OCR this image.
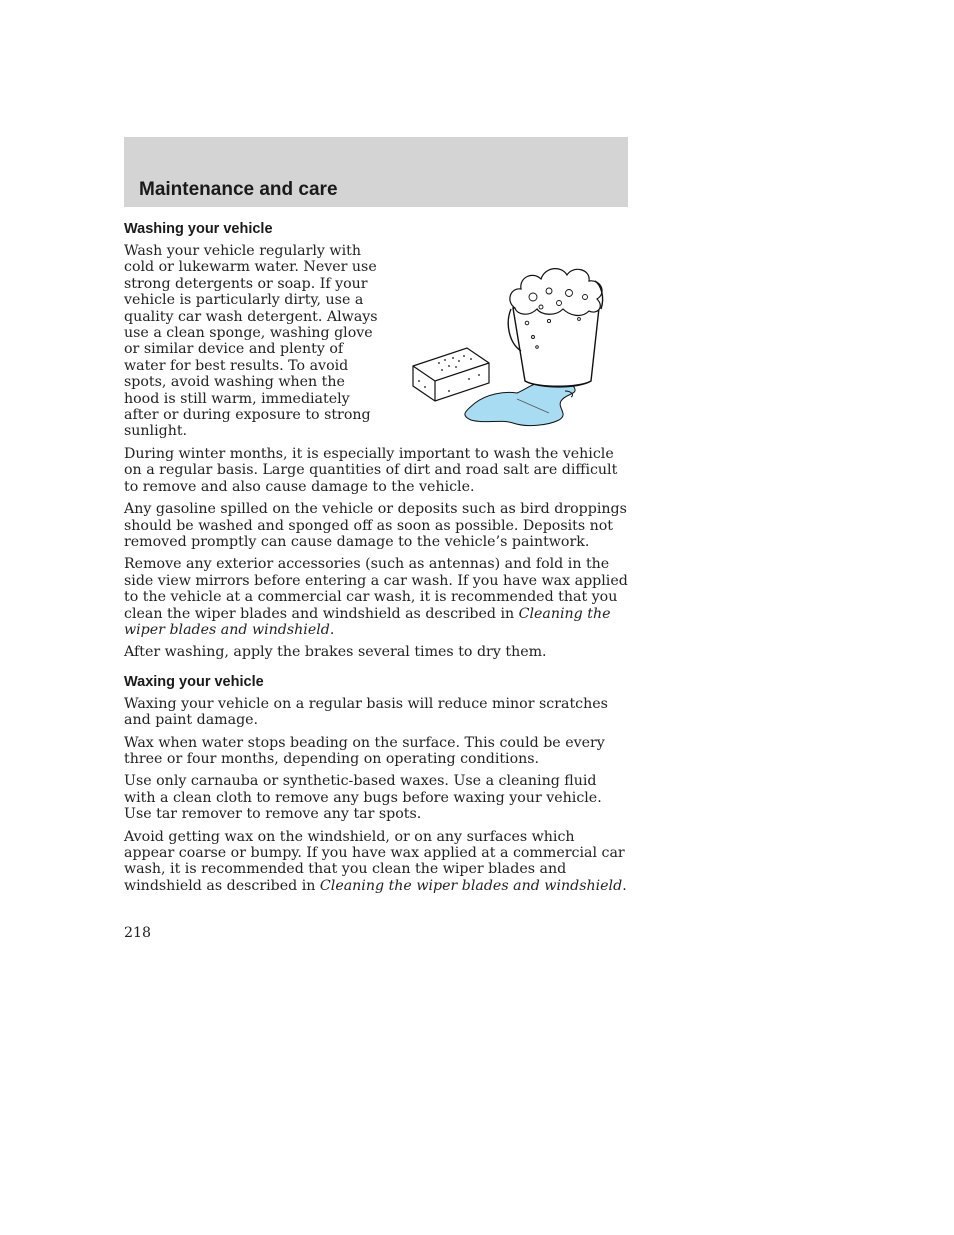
Maintenance and care
Washing your vehicle

Wash your vehicle regularly with cold or lukewarm water. Never use strong detergents or soap. If your vehicle is particularly dirty, use a quality car wash detergent. Always use a clean sponge, washing glove or similar device and plenty of water for best results. To avoid spots, avoid washing when the hood is still warm, immediately after or during exposure to strong sunlight.

During winter months, it is especially important to wash the vehicle on a regular basis. Large quantities of dirt and road salt are difficult to remove and also cause damage to the vehicle.

Any gasoline spilled on the vehicle or deposits such as bird droppings should be washed and sponged off as soon as possible. Deposits not removed promptly can cause damage to the vehicle’s paintwork.

Remove any exterior accessories (such as antennas) and fold in the side view mirrors before entering a car wash. If you have wax applied to the vehicle at a commercial car wash, it is recommended that you clean the wiper blades and windshield as described in Cleaning the wiper blades and windshield.

After washing, apply the brakes several times to dry them.

Waxing your vehicle

Waxing your vehicle on a regular basis will reduce minor scratches and paint damage.

Wax when water stops beading on the surface. This could be every three or four months, depending on operating conditions.

Use only carnauba or synthetic-based waxes. Use a cleaning fluid with a clean cloth to remove any bugs before waxing your vehicle. Use tar remover to remove any tar spots.

Avoid getting wax on the windshield, or on any surfaces which appear coarse or bumpy. If you have wax applied at a commercial car wash, it is recommended that you clean the wiper blades and windshield as described in Cleaning the wiper blades and windshield.

218
